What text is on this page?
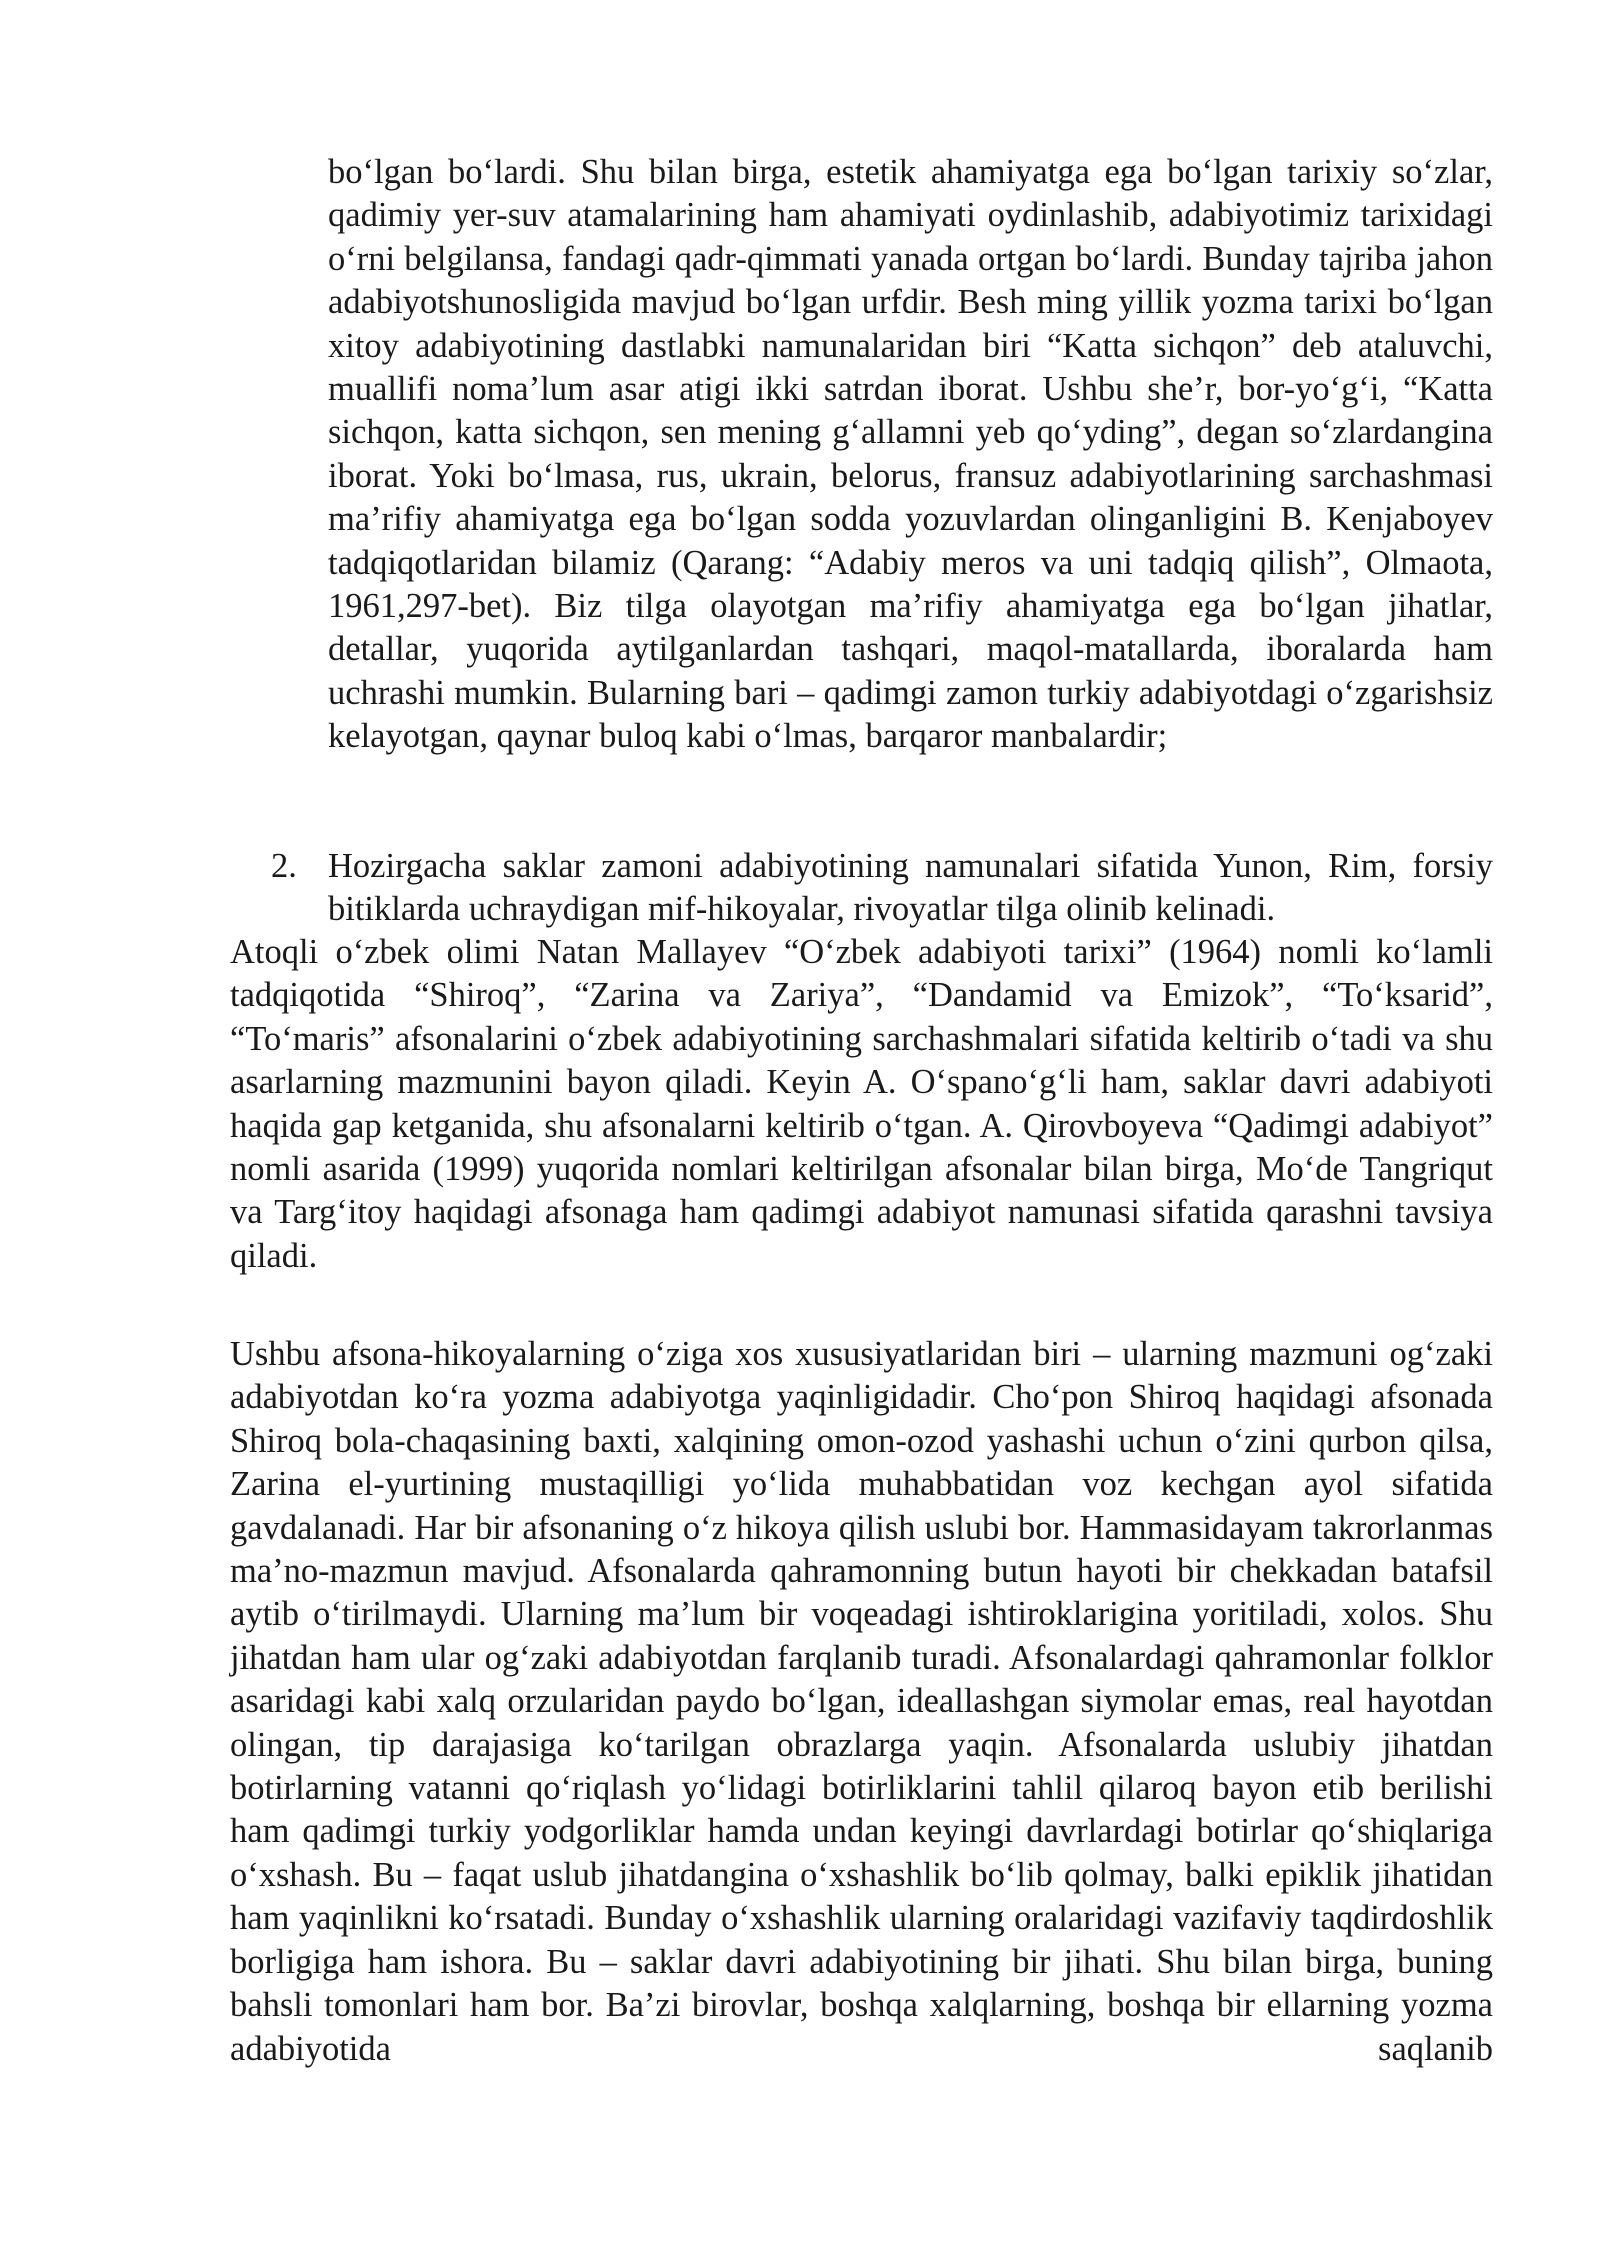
bo‘lgan bo‘lardi. Shu bilan birga, estetik ahamiyatga ega bo‘lgan tarixiy so‘zlar, qadimiy yer-suv atamalarining ham ahamiyati oydinlashib, adabiyotimiz tarixidagi o‘rni belgilansa, fandagi qadr-qimmati yanada ortgan bo‘lardi. Bunday tajriba jahon adabiyotshunosligida mavjud bo‘lgan urfdir. Besh ming yillik yozma tarixi bo‘lgan xitoy adabiyotining dastlabki namunalaridan biri “Katta sichqon” deb ataluvchi, muallifi noma’lum asar atigi ikki satrdan iborat. Ushbu she’r, bor-yo‘g‘i, “Katta sichqon, katta sichqon, sen mening g‘allamni yeb qo‘yding”, degan so‘zlardangina iborat. Yoki bo‘lmasa, rus, ukrain, belorus, fransuz adabiyotlarining sarchashmasi ma’rifiy ahamiyatga ega bo‘lgan sodda yozuvlardan olinganligini B. Kenjaboyev tadqiqotlaridan bilamiz (Qarang: “Adabiy meros va uni tadqiq qilish”, Olmaota, 1961,297-bet). Biz tilga olayotgan ma’rifiy ahamiyatga ega bo‘lgan jihatlar, detallar, yuqorida aytilganlardan tashqari, maqol-matallarda, iboralarda ham uchrashi mumkin. Bularning bari – qadimgi zamon turkiy adabiyotdagi o‘zgarishsiz kelayotgan, qaynar buloq kabi o‘lmas, barqaror manbalardir;

2. Hozirgacha saklar zamoni adabiyotining namunalari sifatida Yunon, Rim, forsiy bitiklarda uchraydigan mif-hikoyalar, rivoyatlar tilga olinib kelinadi.

Atoqli o‘zbek olimi Natan Mallayev “O‘zbek adabiyoti tarixi” (1964) nomli ko‘lamli tadqiqotida “Shiroq”, “Zarina va Zariya”, “Dandamid va Emizok”, “To‘ksarid”, “To‘maris” afsonalarini o‘zbek adabiyotining sarchashmalari sifatida keltirib o‘tadi va shu asarlarning mazmunini bayon qiladi. Keyin A. O‘spano‘g‘li ham, saklar davri adabiyoti haqida gap ketganida, shu afsonalarni keltirib o‘tgan. A. Qirovboyeva “Qadimgi adabiyot” nomli asarida (1999) yuqorida nomlari keltirilgan afsonalar bilan birga, Mo‘de Tangriqut va Targ‘itoy haqidagi afsonaga ham qadimgi adabiyot namunasi sifatida qarashni tavsiya qiladi.

Ushbu afsona-hikoyalarning o‘ziga xos xususiyatlaridan biri – ularning mazmuni og‘zaki adabiyotdan ko‘ra yozma adabiyotga yaqinligidadir. Cho‘pon Shiroq haqidagi afsonada Shiroq bola-chaqasining baxti, xalqining omon-ozod yashashi uchun o‘zini qurbon qilsa, Zarina el-yurtining mustaqilligi yo‘lida muhabbatidan voz kechgan ayol sifatida gavdalanadi. Har bir afsonaning o‘z hikoya qilish uslubi bor. Hammasidayam takrorlanmas ma’no-mazmun mavjud. Afsonalarda qahramonning butun hayoti bir chekkadan batafsil aytib o‘tirilmaydi. Ularning ma’lum bir voqeadagi ishtiroklarigina yoritiladi, xolos. Shu jihatdan ham ular og‘zaki adabiyotdan farqlanib turadi. Afsonalardagi qahramonlar folklor asaridagi kabi xalq orzularidan paydo bo‘lgan, ideallashgan siymolar emas, real hayotdan olingan, tip darajasiga ko‘tarilgan obrazlarga yaqin. Afsonalarda uslubiy jihatdan botirlarning vatanni qo‘riqlash yo‘lidagi botirliklarini tahlil qilaroq bayon etib berilishi ham qadimgi turkiy yodgorliklar hamda undan keyingi davrlardagi botirlar qo‘shiqlariga o‘xshash. Bu – faqat uslub jihatdangina o‘xshashlik bo‘lib qolmay, balki epiklik jihatidan ham yaqinlikni ko‘rsatadi. Bunday o‘xshashlik ularning oralaridagi vazifaviy taqdirdoshlik borligiga ham ishora. Bu – saklar davri adabiyotining bir jihati. Shu bilan birga, buning bahsli tomonlari ham bor. Ba’zi birovlar, boshqa xalqlarning, boshqa bir ellarning yozma adabiyotida saqlanib
